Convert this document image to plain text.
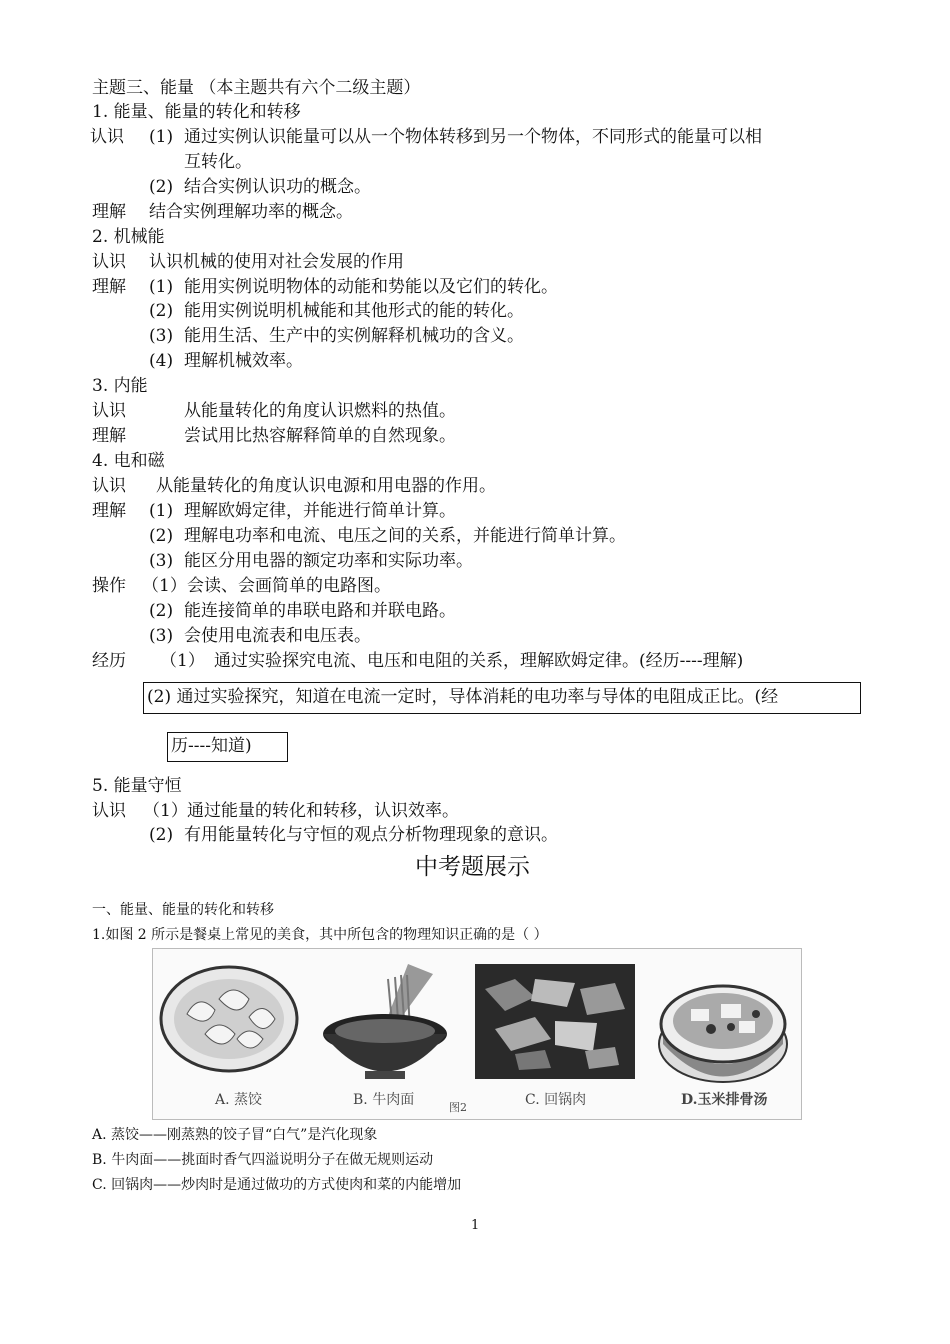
主题三、能量 （本主题共有六个二级主题）
1. 能量、能量的转化和转移
认识 (1) 通过实例认识能量可以从一个物体转移到另一个物体，不同形式的能量可以相
互转化。
(2) 结合实例认识功的概念。
理解 结合实例理解功率的概念。
2. 机械能
认识 认识机械的使用对社会发展的作用
理解 (1) 能用实例说明物体的动能和势能以及它们的转化。
(2) 能用实例说明机械能和其他形式的能的转化。
(3) 能用生活、生产中的实例解释机械功的含义。
(4) 理解机械效率。
3. 内能
认识	从能量转化的角度认识燃料的热值。
理解	尝试用比热容解释简单的自然现象。
4. 电和磁
认识 从能量转化的角度认识电源和用电器的作用。
理解 (1) 理解欧姆定律，并能进行简单计算。
(2) 理解电功率和电流、电压之间的关系，并能进行简单计算。
(3) 能区分用电器的额定功率和实际功率。
操作 （1） 会读、会画简单的电路图。
(2) 能连接简单的串联电路和并联电路。
(3) 会使用电流表和电压表。
经历 （1） 通过实验探究电流、电压和电阻的关系，理解欧姆定律。(经历----理解)
(2) 通过实验探究，知道在电流一定时，导体消耗的电功率与导体的电阻成正比。(经
历----知道)
5. 能量守恒
认识 （1） 通过能量的转化和转移，认识效率。
(2) 有用能量转化与守恒的观点分析物理现象的意识。
中考题展示
一、能量、能量的转化和转移
1.如图 2 所示是餐桌上常见的美食，其中所包含的物理知识正确的是（ ）
A. 蒸饺	B. 牛肉面	C. 回锅肉	D.玉米排骨汤
图2
A. 蒸饺——刚蒸熟的饺子冒“白气”是汽化现象
B. 牛肉面——挑面时香气四溢说明分子在做无规则运动
C. 回锅肉——炒肉时是通过做功的方式使肉和菜的内能增加
1
